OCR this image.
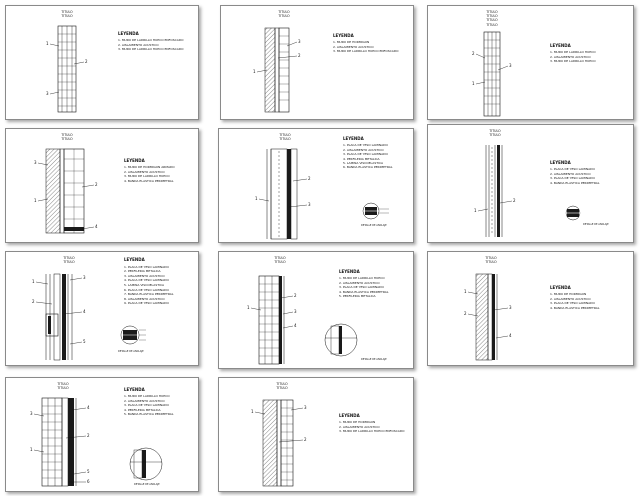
TITULO
TITULO
1
2
3
LEYENDA
1. MURO DE LADRILLO HUECO ENFOSCADO
2. AISLAMIENTO ACUSTICO
3. MURO DE LADRILLO HUECO ENFOSCADO
TITULO
TITULO
3
2
1
LEYENDA
1. MURO DE HORMIGON
2. AISLAMIENTO ACUSTICO
3. MURO DE LADRILLO HUECO ENFOSCADO
TITULO
TITULO
TITULO
TITULO
2
3
1
LEYENDA
1. MURO DE LADRILLO HUECO
2. AISLAMIENTO ACUSTICO
3. MURO DE LADRILLO HUECO
TITULO
TITULO
3
1
2
4
LEYENDA
1. MURO DE HORMIGON ARMADO
2. AISLAMIENTO ACUSTICO
3. MURO DE LADRILLO HUECO
4. BANDA ELASTICA PERIMETRAL
TITULO
TITULO
1
2
3
LEYENDA
1. PLACA DE YESO LAMINADO
2. AISLAMIENTO ACUSTICO
3. PLACA DE YESO LAMINADO
4. PERFILERIA METALICA
5. LAMINA VISCOELASTICA
6. BANDA ELASTICA PERIMETRAL
DETALLE DE ANCLAJE
TITULO
TITULO
1
2
LEYENDA
1. PLACA DE YESO LAMINADO
2. AISLAMIENTO ACUSTICO
3. PLACA DE YESO LAMINADO
4. BANDA ELASTICA PERIMETRAL
DETALLE DE ANCLAJE
TITULO
TITULO
1
2
3
4
5
LEYENDA
1. PLACA DE YESO LAMINADO
2. PERFILERIA METALICA
3. AISLAMIENTO ACUSTICO
4. PLACA DE YESO LAMINADO
5. LAMINA VISCOELASTICA
6. PLACA DE YESO LAMINADO
7. BANDA ELASTICA PERIMETRAL
8. AISLAMIENTO ACUSTICO
9. PLACA DE YESO LAMINADO
DETALLE DE ANCLAJE
TITULO
TITULO
1
2
3
4
LEYENDA
1. MURO DE LADRILLO HUECO
2. AISLAMIENTO ACUSTICO
3. PLACA DE YESO LAMINADO
4. BANDA ELASTICA PERIMETRAL
5. PERFILERIA METALICA
DETALLE DE ANCLAJE
TITULO
TITULO
1
2
3
4
LEYENDA
1. MURO DE HORMIGON
2. AISLAMIENTO ACUSTICO
3. PLACA DE YESO LAMINADO
4. BANDA ELASTICA PERIMETRAL
TITULO
TITULO
3
1
4
2
5
6
LEYENDA
1. MURO DE LADRILLO HUECO
2. AISLAMIENTO ACUSTICO
3. PLACA DE YESO LAMINADO
4. PERFILERIA METALICA
5. BANDA ELASTICA PERIMETRAL
DETALLE DE ANCLAJE
TITULO
TITULO
1
3
2
LEYENDA
1. MURO DE HORMIGON
2. AISLAMIENTO ACUSTICO
3. MURO DE LADRILLO HUECO ENFOSCADO
